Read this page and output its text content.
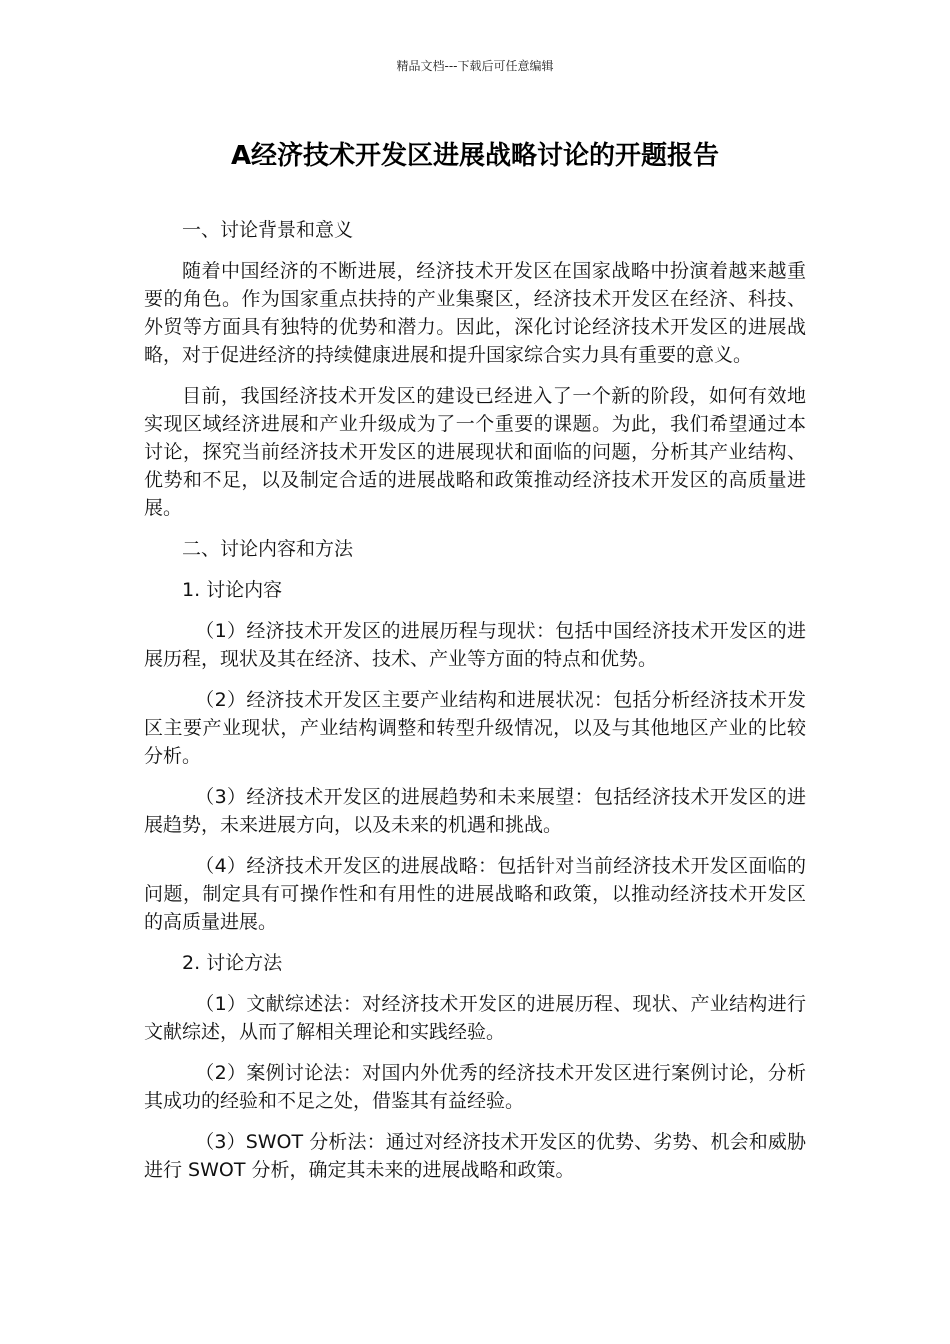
精品文档---下载后可任意编辑
A经济技术开发区进展战略讨论的开题报告

一、讨论背景和意义

随着中国经济的不断进展，经济技术开发区在国家战略中扮演着越来越重要的角色。作为国家重点扶持的产业集聚区，经济技术开发区在经济、科技、外贸等方面具有独特的优势和潜力。因此，深化讨论经济技术开发区的进展战略，对于促进经济的持续健康进展和提升国家综合实力具有重要的意义。

目前，我国经济技术开发区的建设已经进入了一个新的阶段，如何有效地实现区域经济进展和产业升级成为了一个重要的课题。为此，我们希望通过本讨论，探究当前经济技术开发区的进展现状和面临的问题，分析其产业结构、优势和不足，以及制定合适的进展战略和政策推动经济技术开发区的高质量进展。

二、讨论内容和方法

1. 讨论内容

（1）经济技术开发区的进展历程与现状：包括中国经济技术开发区的进展历程，现状及其在经济、技术、产业等方面的特点和优势。

（2）经济技术开发区主要产业结构和进展状况：包括分析经济技术开发区主要产业现状，产业结构调整和转型升级情况，以及与其他地区产业的比较分析。

（3）经济技术开发区的进展趋势和未来展望：包括经济技术开发区的进展趋势，未来进展方向，以及未来的机遇和挑战。

（4）经济技术开发区的进展战略：包括针对当前经济技术开发区面临的问题，制定具有可操作性和有用性的进展战略和政策，以推动经济技术开发区的高质量进展。

2. 讨论方法

（1）文献综述法：对经济技术开发区的进展历程、现状、产业结构进行文献综述，从而了解相关理论和实践经验。

（2）案例讨论法：对国内外优秀的经济技术开发区进行案例讨论，分析其成功的经验和不足之处，借鉴其有益经验。

（3）SWOT 分析法：通过对经济技术开发区的优势、劣势、机会和威胁进行 SWOT 分析，确定其未来的进展战略和政策。
